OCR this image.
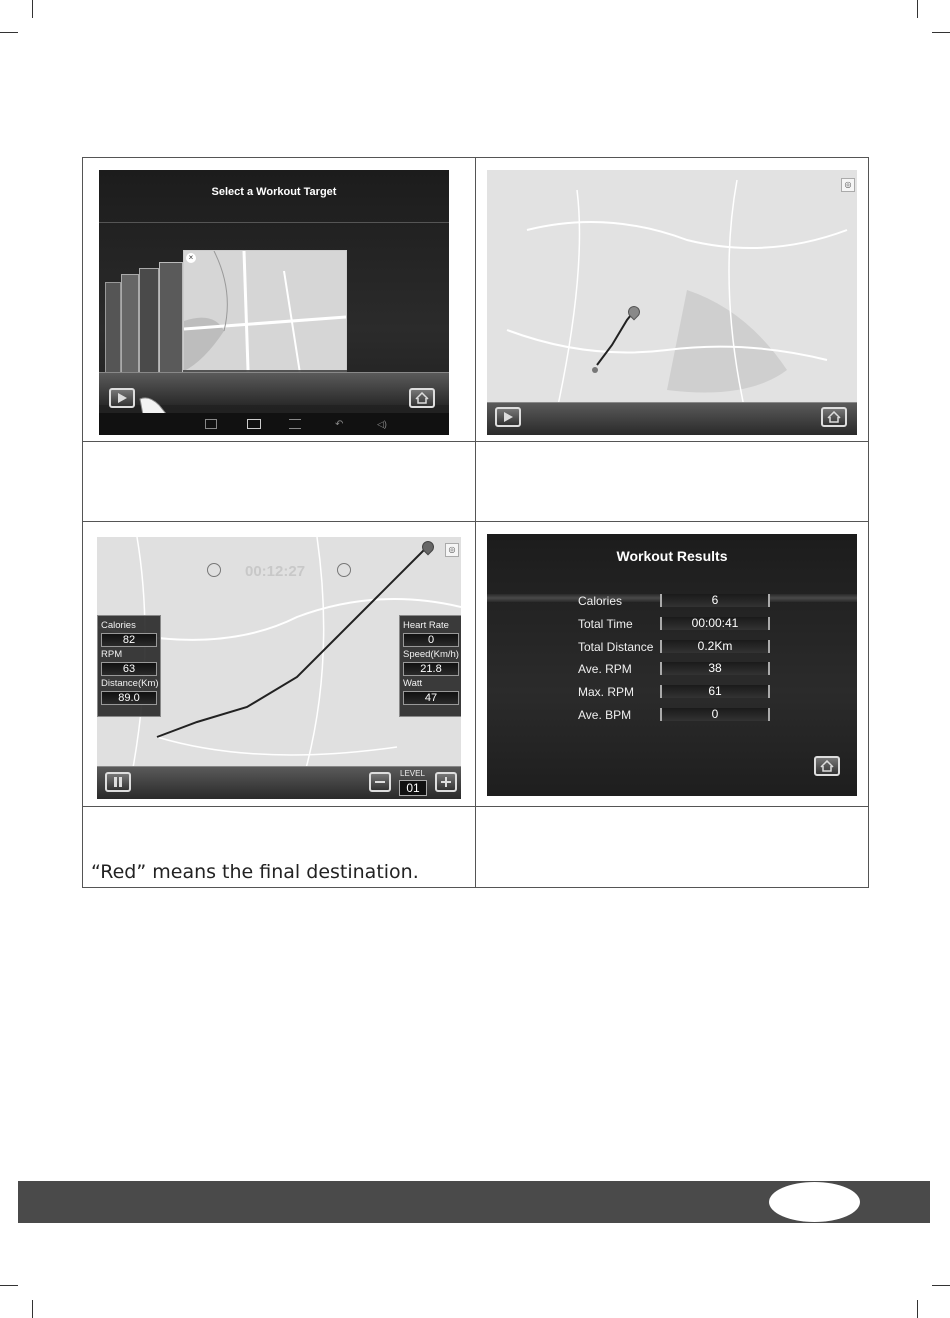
Select a Workout Target
×
↶	◁)
◎
◎
00:12:27
Calories
82
RPM
63
Distance(Km)
89.0
Heart Rate
0
Speed(Km/h)
21.8
Watt
47
LEVEL
01
Workout Results
Calories	6
Total Time	00:00:41
Total Distance	0.2Km
Ave. RPM	38
Max. RPM	61
Ave. BPM	0
“Red” means the final destination.
